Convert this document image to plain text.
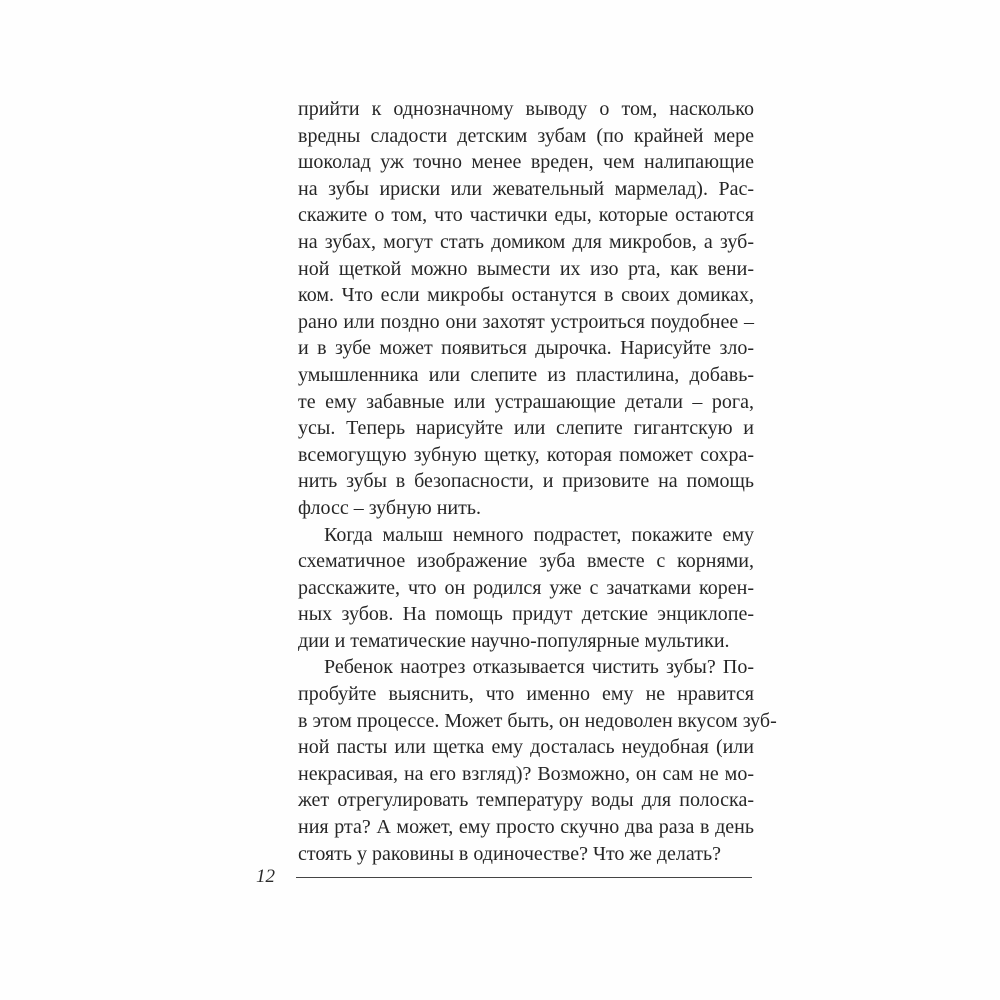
прийти к однозначному выводу о том, насколько
вредны сладости детским зубам (по крайней мере
шоколад уж точно менее вреден, чем налипающие
на зубы ириски или жевательный мармелад). Рас-
скажите о том, что частички еды, которые остаются
на зубах, могут стать домиком для микробов, а зуб-
ной щеткой можно вымести их изо рта, как вени-
ком. Что если микробы останутся в своих домиках,
рано или поздно они захотят устроиться поудобнее –
и в зубе может появиться дырочка. Нарисуйте зло-
умышленника или слепите из пластилина, добавь-
те ему забавные или устрашающие детали – рога,
усы. Теперь нарисуйте или слепите гигантскую и
всемогущую зубную щетку, которая поможет сохра-
нить зубы в безопасности, и призовите на помощь
флосс – зубную нить.
Когда малыш немного подрастет, покажите ему
схематичное изображение зуба вместе с корнями,
расскажите, что он родился уже с зачатками корен-
ных зубов. На помощь придут детские энциклопе-
дии и тематические научно-популярные мультики.
Ребенок наотрез отказывается чистить зубы? По-
пробуйте выяснить, что именно ему не нравится
в этом процессе. Может быть, он недоволен вкусом зуб-
ной пасты или щетка ему досталась неудобная (или
некрасивая, на его взгляд)? Возможно, он сам не мо-
жет отрегулировать температуру воды для полоска-
ния рта? А может, ему просто скучно два раза в день
стоять у раковины в одиночестве? Что же делать?
12
